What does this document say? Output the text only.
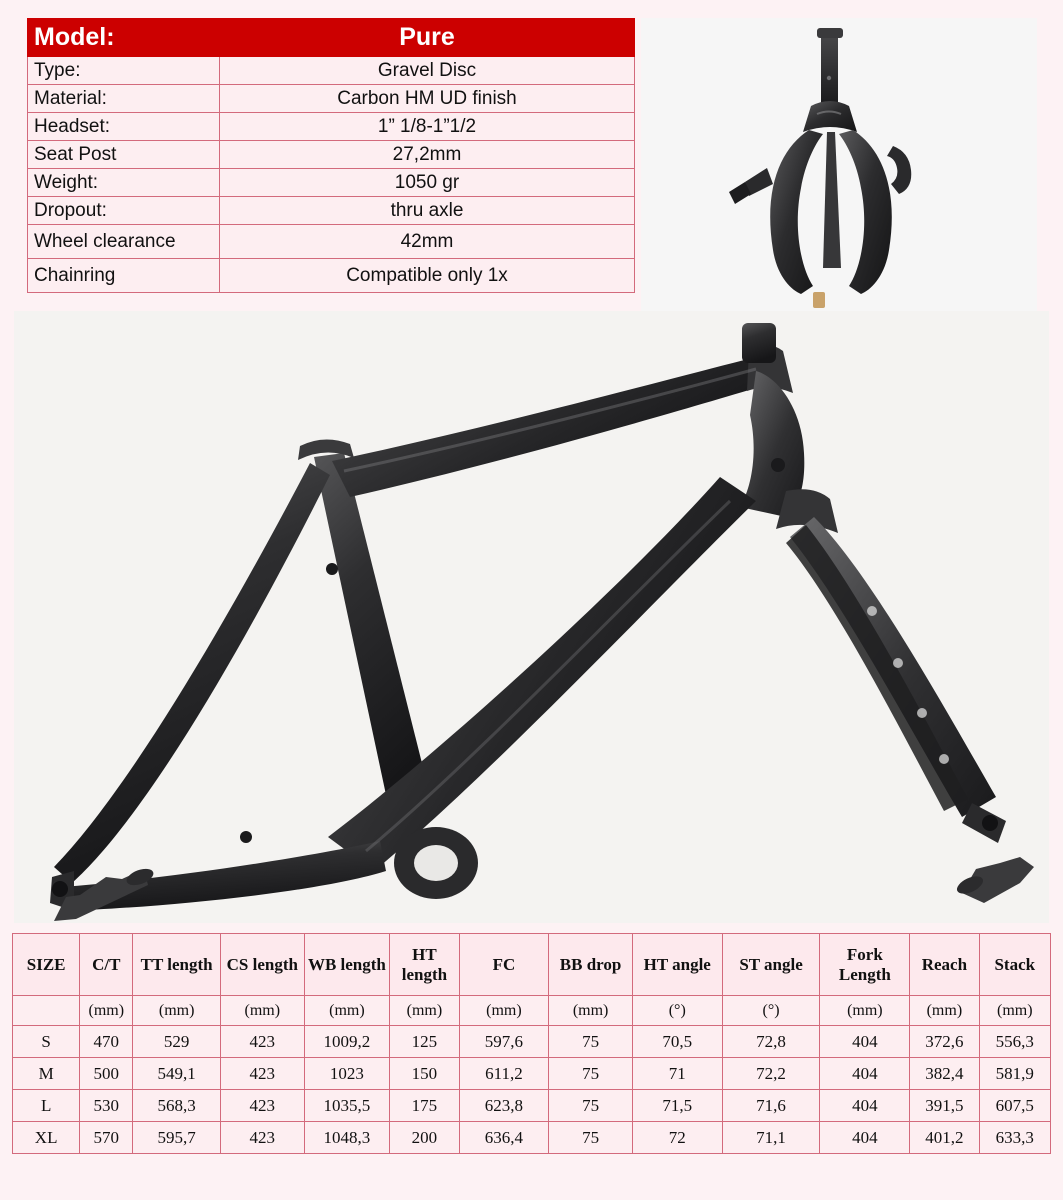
Model:	Pure
Type:	Gravel Disc
Material:	Carbon HM UD finish
Headset:	1” 1/8-1”1/2
Seat Post	27,2mm
Weight:	1050 gr
Dropout:	thru axle
Wheel clearance	42mm
Chainring	Compatible only 1x
SIZE	C/T	TT length	CS length	WB length	HT length	FC	BB drop	HT angle	ST angle	Fork Length	Reach	Stack
	(mm)	(mm)	(mm)	(mm)	(mm)	(mm)	(mm)	(°)	(°)	(mm)	(mm)	(mm)
S	470	529	423	1009,2	125	597,6	75	70,5	72,8	404	372,6	556,3
M	500	549,1	423	1023	150	611,2	75	71	72,2	404	382,4	581,9
L	530	568,3	423	1035,5	175	623,8	75	71,5	71,6	404	391,5	607,5
XL	570	595,7	423	1048,3	200	636,4	75	72	71,1	404	401,2	633,3
